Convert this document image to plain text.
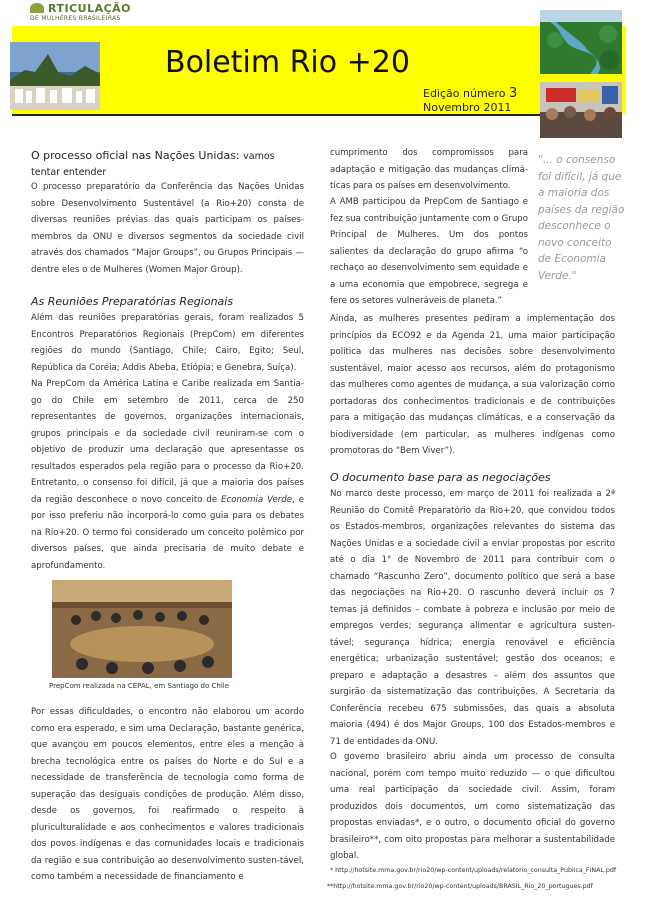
RTICULAÇÃO
DE MULHERES BRASILEIRAS
Boletim Rio +20
Edição número 3
Novembro 2011
O processo oficial nas Nações Unidas: vamos
tentar entender

O processo preparatório da Conferência das Nações Unidas sobre Desenvolvimento Sustentável (a Rio+20) consta de diversas reuniões prévias das quais participam os países-membros da ONU e diversos segmentos da sociedade civil através dos chamados “Major Groups”, ou Grupos Principais — dentre eles o de Mulheres (Women Major Group).

As Reuniões Preparatórias Regionais

Além das reuniões preparatórias gerais, foram realizados 5 Encontros Preparatórios Regionais (PrepCom) em diferentes regiões do mundo (Santiago, Chile; Cairo, Egito; Seul, República da Coréia; Addis Abeba, Etiópia; e Genebra, Suíça).

Na PrepCom da América Latina e Caribe realizada em Santia-go do Chile em setembro de 2011, cerca de 250 representantes de governos, organizações internacionais, grupos principais e da sociedade civil reuniram-se com o objetivo de produzir uma declaração que apresentasse os resultados esperados pela região para o processo da Rio+20. Entretanto, o consenso foi difícil, já que a maioria dos países da região desconhece o novo conceito de Economia Verde, e por isso preferiu não incorporá-lo como guia para os debates na Rio+20. O termo foi considerado um conceito polêmico por diversos países, que ainda precisaria de muito debate e aprofundamento.

PrepCom realizada na CEPAL, em Santiago do Chile

Por essas dificuldades, o encontro não elaborou um acordo como era esperado, e sim uma Declaração, bastante genérica, que avançou em poucos elementos, entre eles a menção à brecha tecnológica entre os países do Norte e do Sul e a necessidade de transferência de tecnologia como forma de superação das desiguais condições de produção. Além disso, desde os governos, foi reafirmado o respeito à pluriculturalidade e aos conhecimentos e valores tradicionais dos povos indígenas e das comunidades locais e tradicionais da região e sua contribuição ao desenvolvimento susten-tável, como também a necessidade de financiamento e

cumprimento dos compromissos para adaptação e mitigação das mudanças climá-ticas para os países em desenvolvimento.

A AMB participou da PrepCom de Santiago e fez sua contribuição juntamente com o Grupo Principal de Mulheres. Um dos pontos salientes da declaração do grupo afirma “o rechaço ao desenvolvimento sem equidade e a uma economia que empobrece, segrega e fere os setores vulneráveis de planeta.”

"... o consenso foi difícil, já que a maioria dos países da região desconhece o novo conceito de Economia Verde."

Ainda, as mulheres presentes pediram a implementação dos princípios da ECO92 e da Agenda 21, uma maior participação política das mulheres nas decisões sobre desenvolvimento sustentável, maior acesso aos recursos, além do protagonismo das mulheres como agentes de mudança, a sua valorização como portadoras dos conhecimentos tradicionais e de contribuições para a mitigação das mudanças climáticas, e a conservação da biodiversidade (em particular, as mulheres indígenas como promotoras do “Bem Viver”).

O documento base para as negociações

No marco deste processo, em março de 2011 foi realizada a 2ª Reunião do Comitê Preparatório da Rio+20, que convidou todos os Estados-membros, organizações relevantes do sistema das Nações Unidas e a sociedade civil a enviar propostas por escrito até o dia 1° de Novembro de 2011 para contribuir com o chamado “Rascunho Zero”, documento político que será a base das negociações na Rio+20. O rascunho deverá incluir os 7 temas já definidos – combate à pobreza e inclusão por meio de empregos verdes; segurança alimentar e agricultura susten-tável; segurança hídrica; energia renovável e eficiência energética; urbanização sustentável; gestão dos oceanos; e preparo e adaptação a desastres – além dos assuntos que surgirão da sistematização das contribuições. A Secretaria da Conferência recebeu 675 submissões, das quais a absoluta maioria (494) é dos Major Groups, 100 dos Estados-membros e 71 de entidades da ONU.

O governo brasileiro abriu ainda um processo de consulta nacional, porém com tempo muito reduzido — o que dificultou uma real participação da sociedade civil. Assim, foram produzidos dois documentos, um como sistematização das propostas enviadas*, e o outro, o documento oficial do governo brasileiro**, com oito propostas para melhorar a sustentabilidade global.

* http://hotsite.mma.gov.br/rio20/wp-content/uploads/relatorio_consulta_Publica_FINAL.pdf
**http://hotsite.mma.gov.br/rio20/wp-content/uploads/BRASIL_Rio_20_portugues.pdf
